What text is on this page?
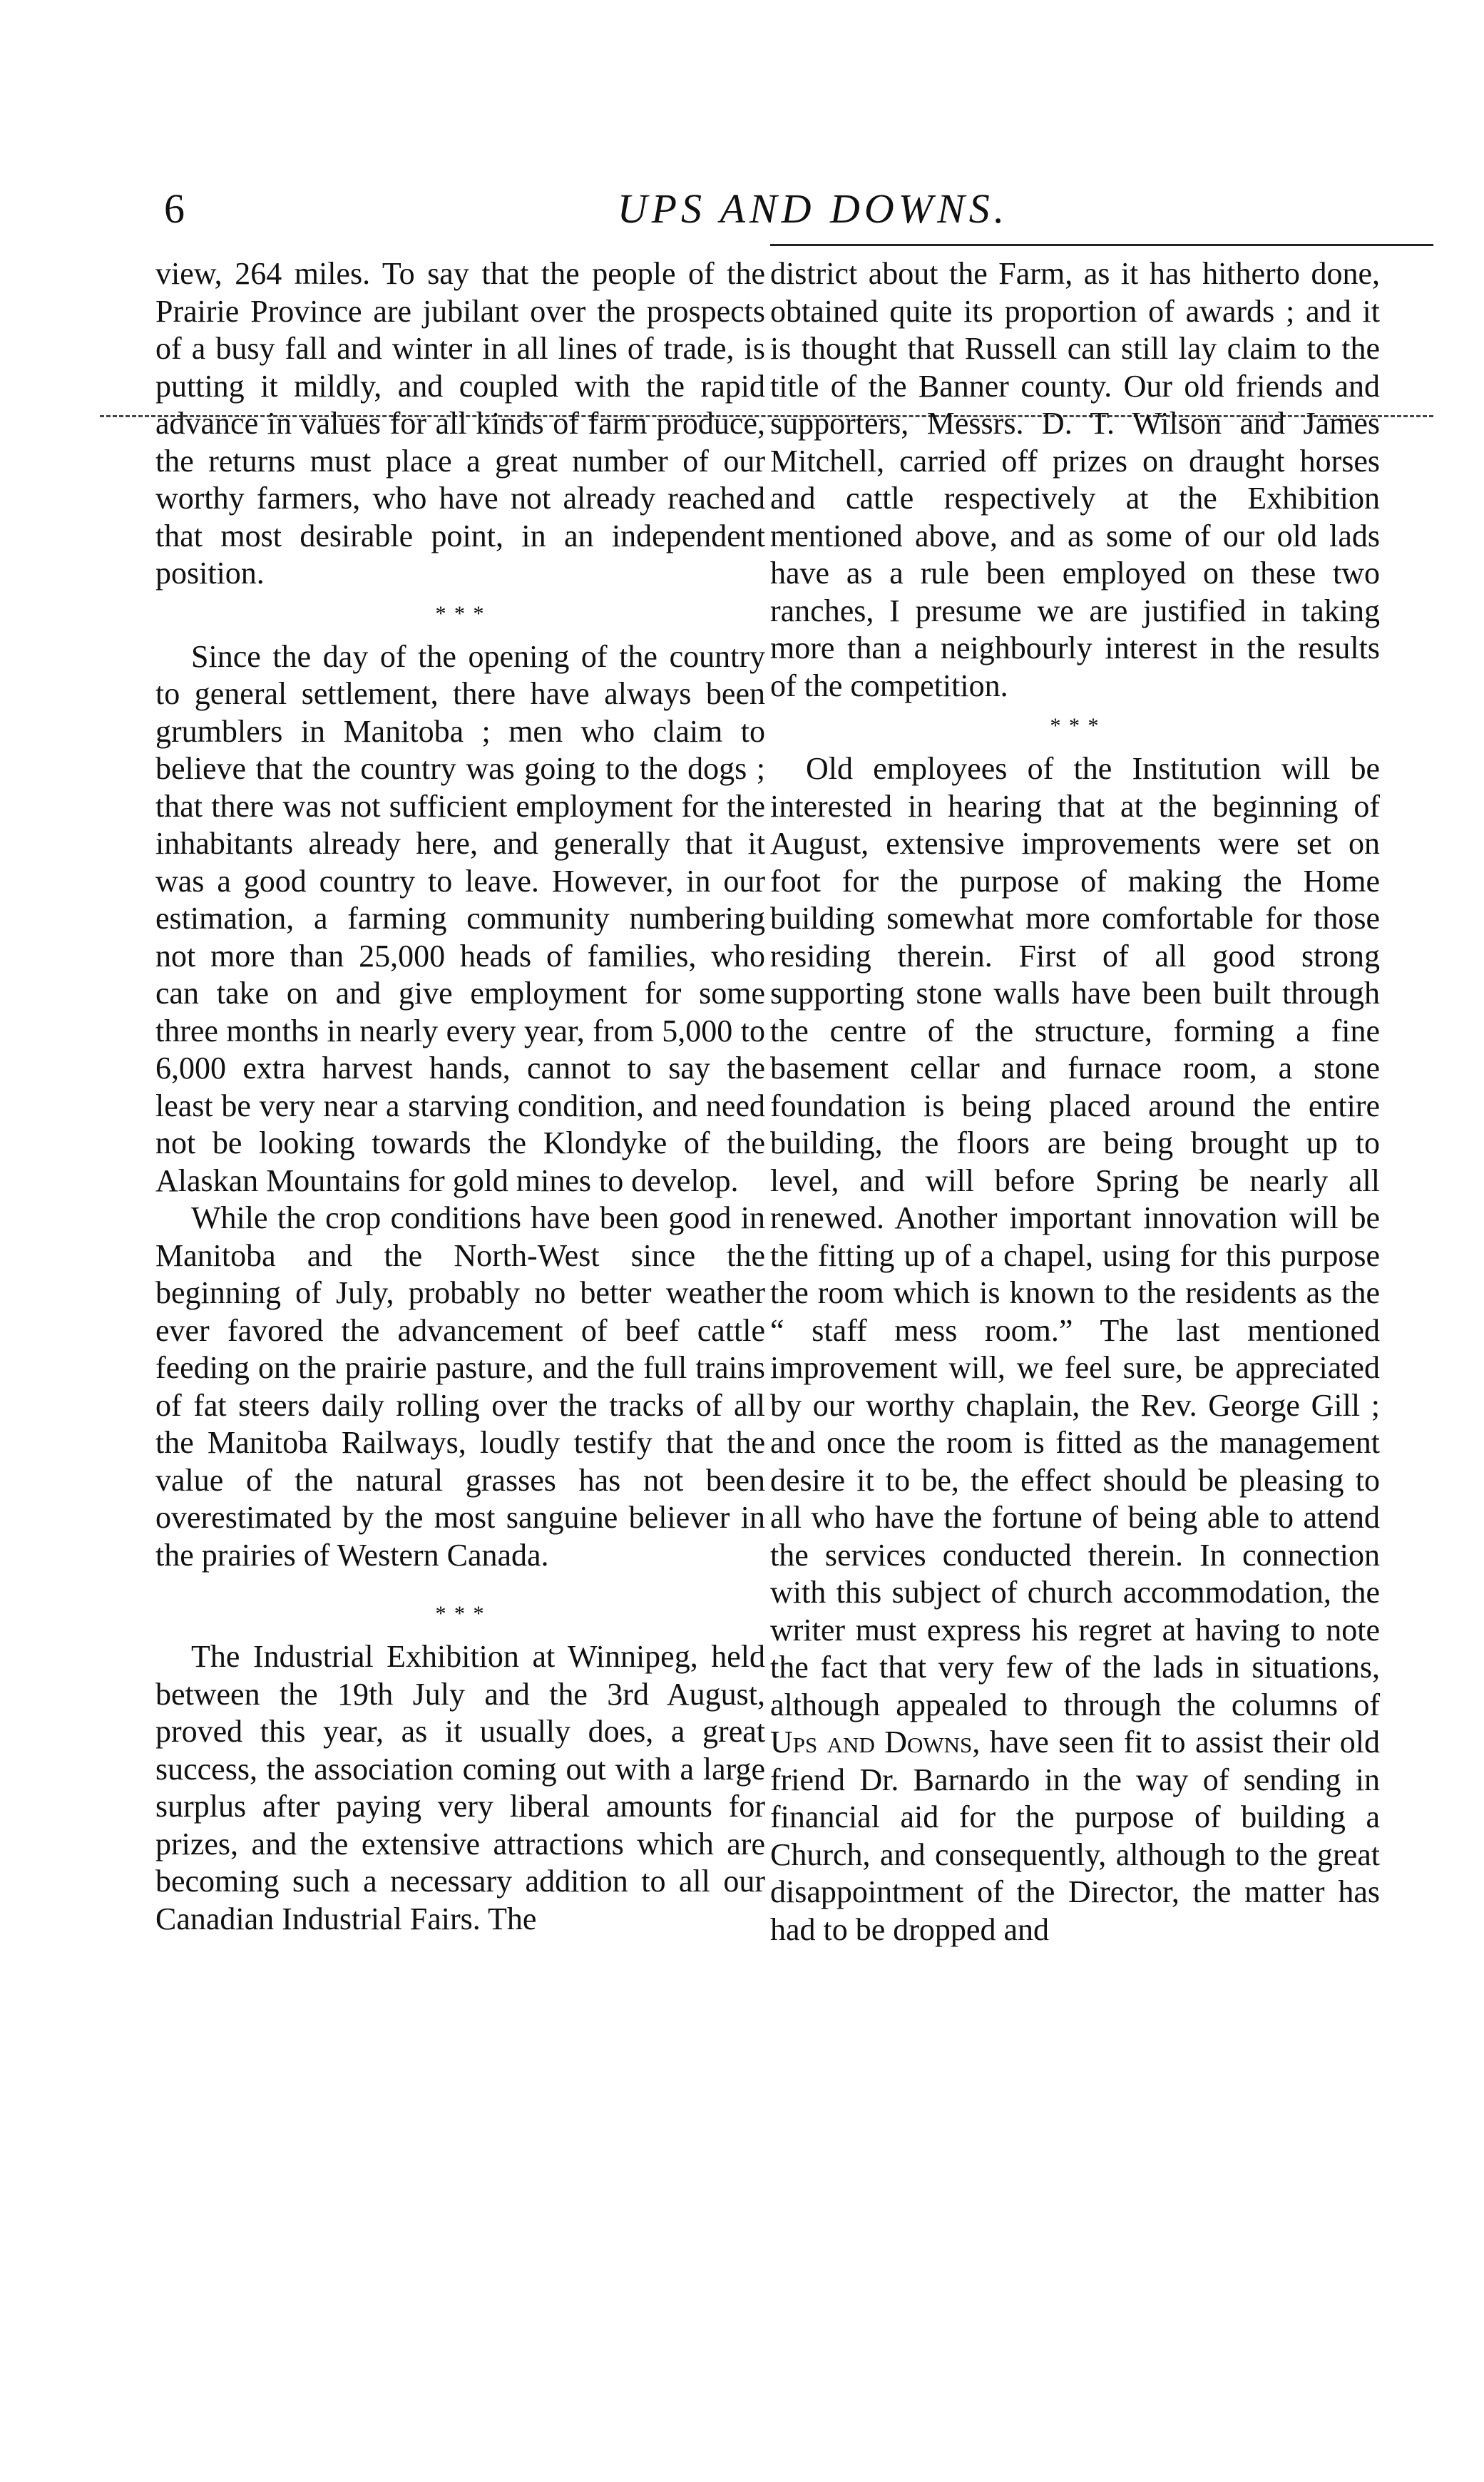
6	UPS AND DOWNS.

view, 264 miles. To say that the people of the Prairie Province are jubilant over the prospects of a busy fall and winter in all lines of trade, is putting it mildly, and coupled with the rapid advance in values for all kinds of farm produce, the returns must place a great number of our worthy farmers, who have not already reached that most desirable point, in an independent position.

* * *

Since the day of the opening of the country to general settlement, there have always been grumblers in Manitoba ; men who claim to believe that the country was going to the dogs ; that there was not sufficient employment for the inhabitants already here, and generally that it was a good country to leave. However, in our estimation, a farming community numbering not more than 25,000 heads of families, who can take on and give employment for some three months in nearly every year, from 5,000 to 6,000 extra harvest hands, cannot to say the least be very near a starving condition, and need not be looking towards the Klondyke of the Alaskan Mountains for gold mines to develop.

While the crop conditions have been good in Manitoba and the North-West since the beginning of July, probably no better weather ever favored the advancement of beef cattle feeding on the prairie pasture, and the full trains of fat steers daily rolling over the tracks of all the Manitoba Railways, loudly testify that the value of the natural grasses has not been overestimated by the most sanguine believer in the prairies of Western Canada.

* * *

The Industrial Exhibition at Winnipeg, held between the 19th July and the 3rd August, proved this year, as it usually does, a great success, the association coming out with a large surplus after paying very liberal amounts for prizes, and the extensive attractions which are becoming such a necessary addition to all our Canadian Industrial Fairs. The

district about the Farm, as it has hitherto done, obtained quite its proportion of awards ; and it is thought that Russell can still lay claim to the title of the Banner county. Our old friends and supporters, Messrs. D. T. Wilson and James Mitchell, carried off prizes on draught horses and cattle respectively at the Exhibition mentioned above, and as some of our old lads have as a rule been employed on these two ranches, I presume we are justified in taking more than a neighbourly interest in the results of the competition.

* * *

Old employees of the Institution will be interested in hearing that at the beginning of August, extensive improvements were set on foot for the purpose of making the Home building somewhat more comfortable for those residing therein. First of all good strong supporting stone walls have been built through the centre of the structure, forming a fine basement cellar and furnace room, a stone foundation is being placed around the entire building, the floors are being brought up to level, and will before Spring be nearly all renewed. Another important innovation will be the fitting up of a chapel, using for this purpose the room which is known to the residents as the “ staff mess room.” The last mentioned improvement will, we feel sure, be appreciated by our worthy chaplain, the Rev. George Gill ; and once the room is fitted as the management desire it to be, the effect should be pleasing to all who have the fortune of being able to attend the services conducted therein. In connection with this subject of church accommodation, the writer must express his regret at having to note the fact that very few of the lads in situations, although appealed to through the columns of Ups and Downs, have seen fit to assist their old friend Dr. Barnardo in the way of sending in financial aid for the purpose of building a Church, and consequently, although to the great disappointment of the Director, the matter has had to be dropped and
